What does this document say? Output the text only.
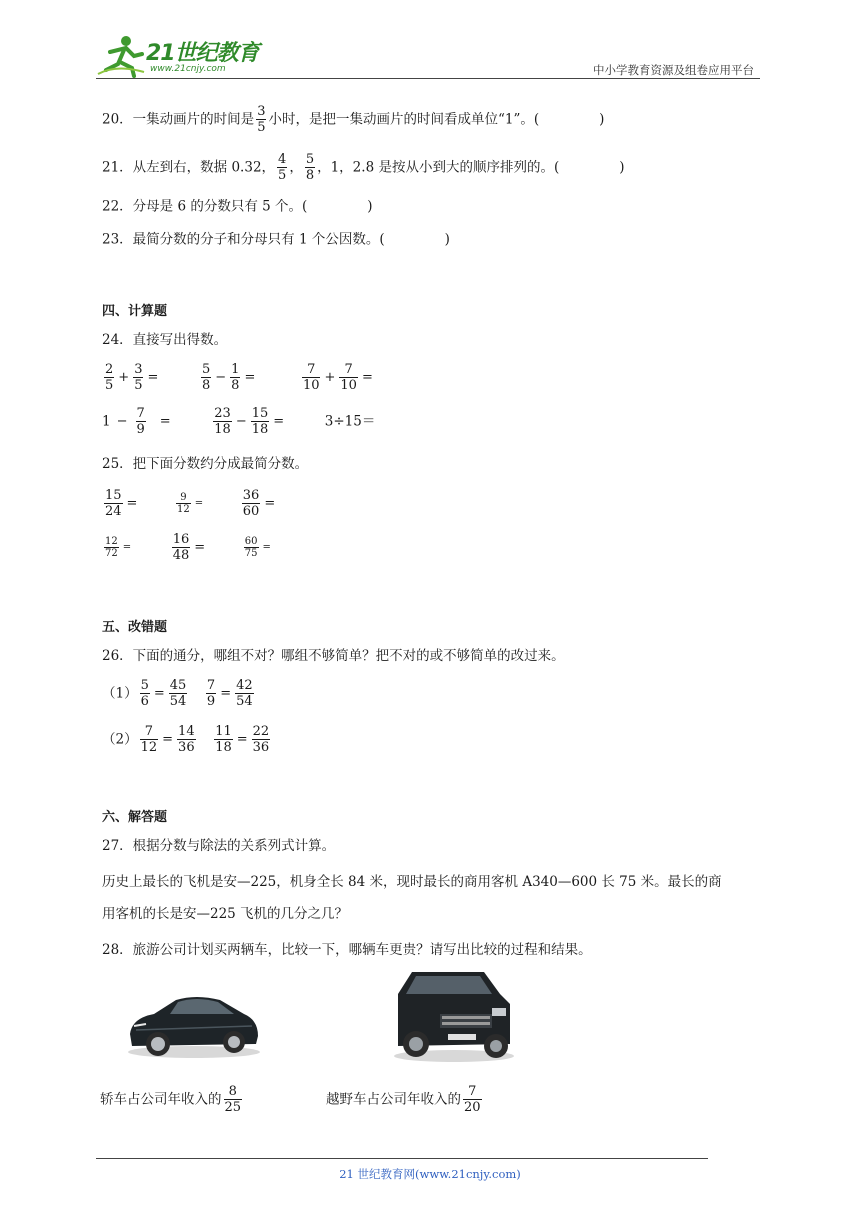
21世纪教育
www.21cnjy.com	中小学教育资源及组卷应用平台
20．一集动画片的时间是 $\frac{3}{5}$ 小时，是把一集动画片的时间看成单位“1”。(	)
21．从左到右，数据 0.32， $\frac{4}{5}$ ， $\frac{5}{8}$ ，1，2.8 是按从小到大的顺序排列的。(	)
22．分母是 6 的分数只有 5 个。(	)
23．最简分数的分子和分母只有 1 个公因数。(	)
四、计算题
24．直接写出得数。
$\frac{2}{5} + \frac{3}{5}$ =	$\frac{5}{8} - \frac{1}{8}$ =	$\frac{7}{10} + \frac{7}{10}$ =
$1 - \frac{7}{9}$ =	$\frac{23}{18} - \frac{15}{18}$ =	3÷15＝
25．把下面分数约分成最简分数。
$\frac{15}{24}$ =	$\frac{9}{12}$ =	$\frac{36}{60}$ =
$\frac{12}{72}$ =	$\frac{16}{48}$ =	$\frac{60}{75}$ =
五、改错题
26．下面的通分，哪组不对？哪组不够简单？把不对的或不够简单的改过来。
$(1) \frac{5}{6} = \frac{45}{54}$
$\frac{7}{9} = \frac{42}{54}$
$(2) \frac{7}{12} = \frac{14}{36}$
$\frac{11}{18} = \frac{22}{36}$
六、解答题
27．根据分数与除法的关系列式计算。
历史上最长的飞机是安—225，机身全长 84 米，现时最长的商用客机 A340—600 长 75 米。最长的商
用客机的长是安—225 飞机的几分之几？
28．旅游公司计划买两辆车，比较一下，哪辆车更贵？请写出比较的过程和结果。
轿车占公司年收入的 $\frac{8}{25}$	越野车占公司年收入的 $\frac{7}{20}$
21 世纪教育网(www.21cnjy.com)
